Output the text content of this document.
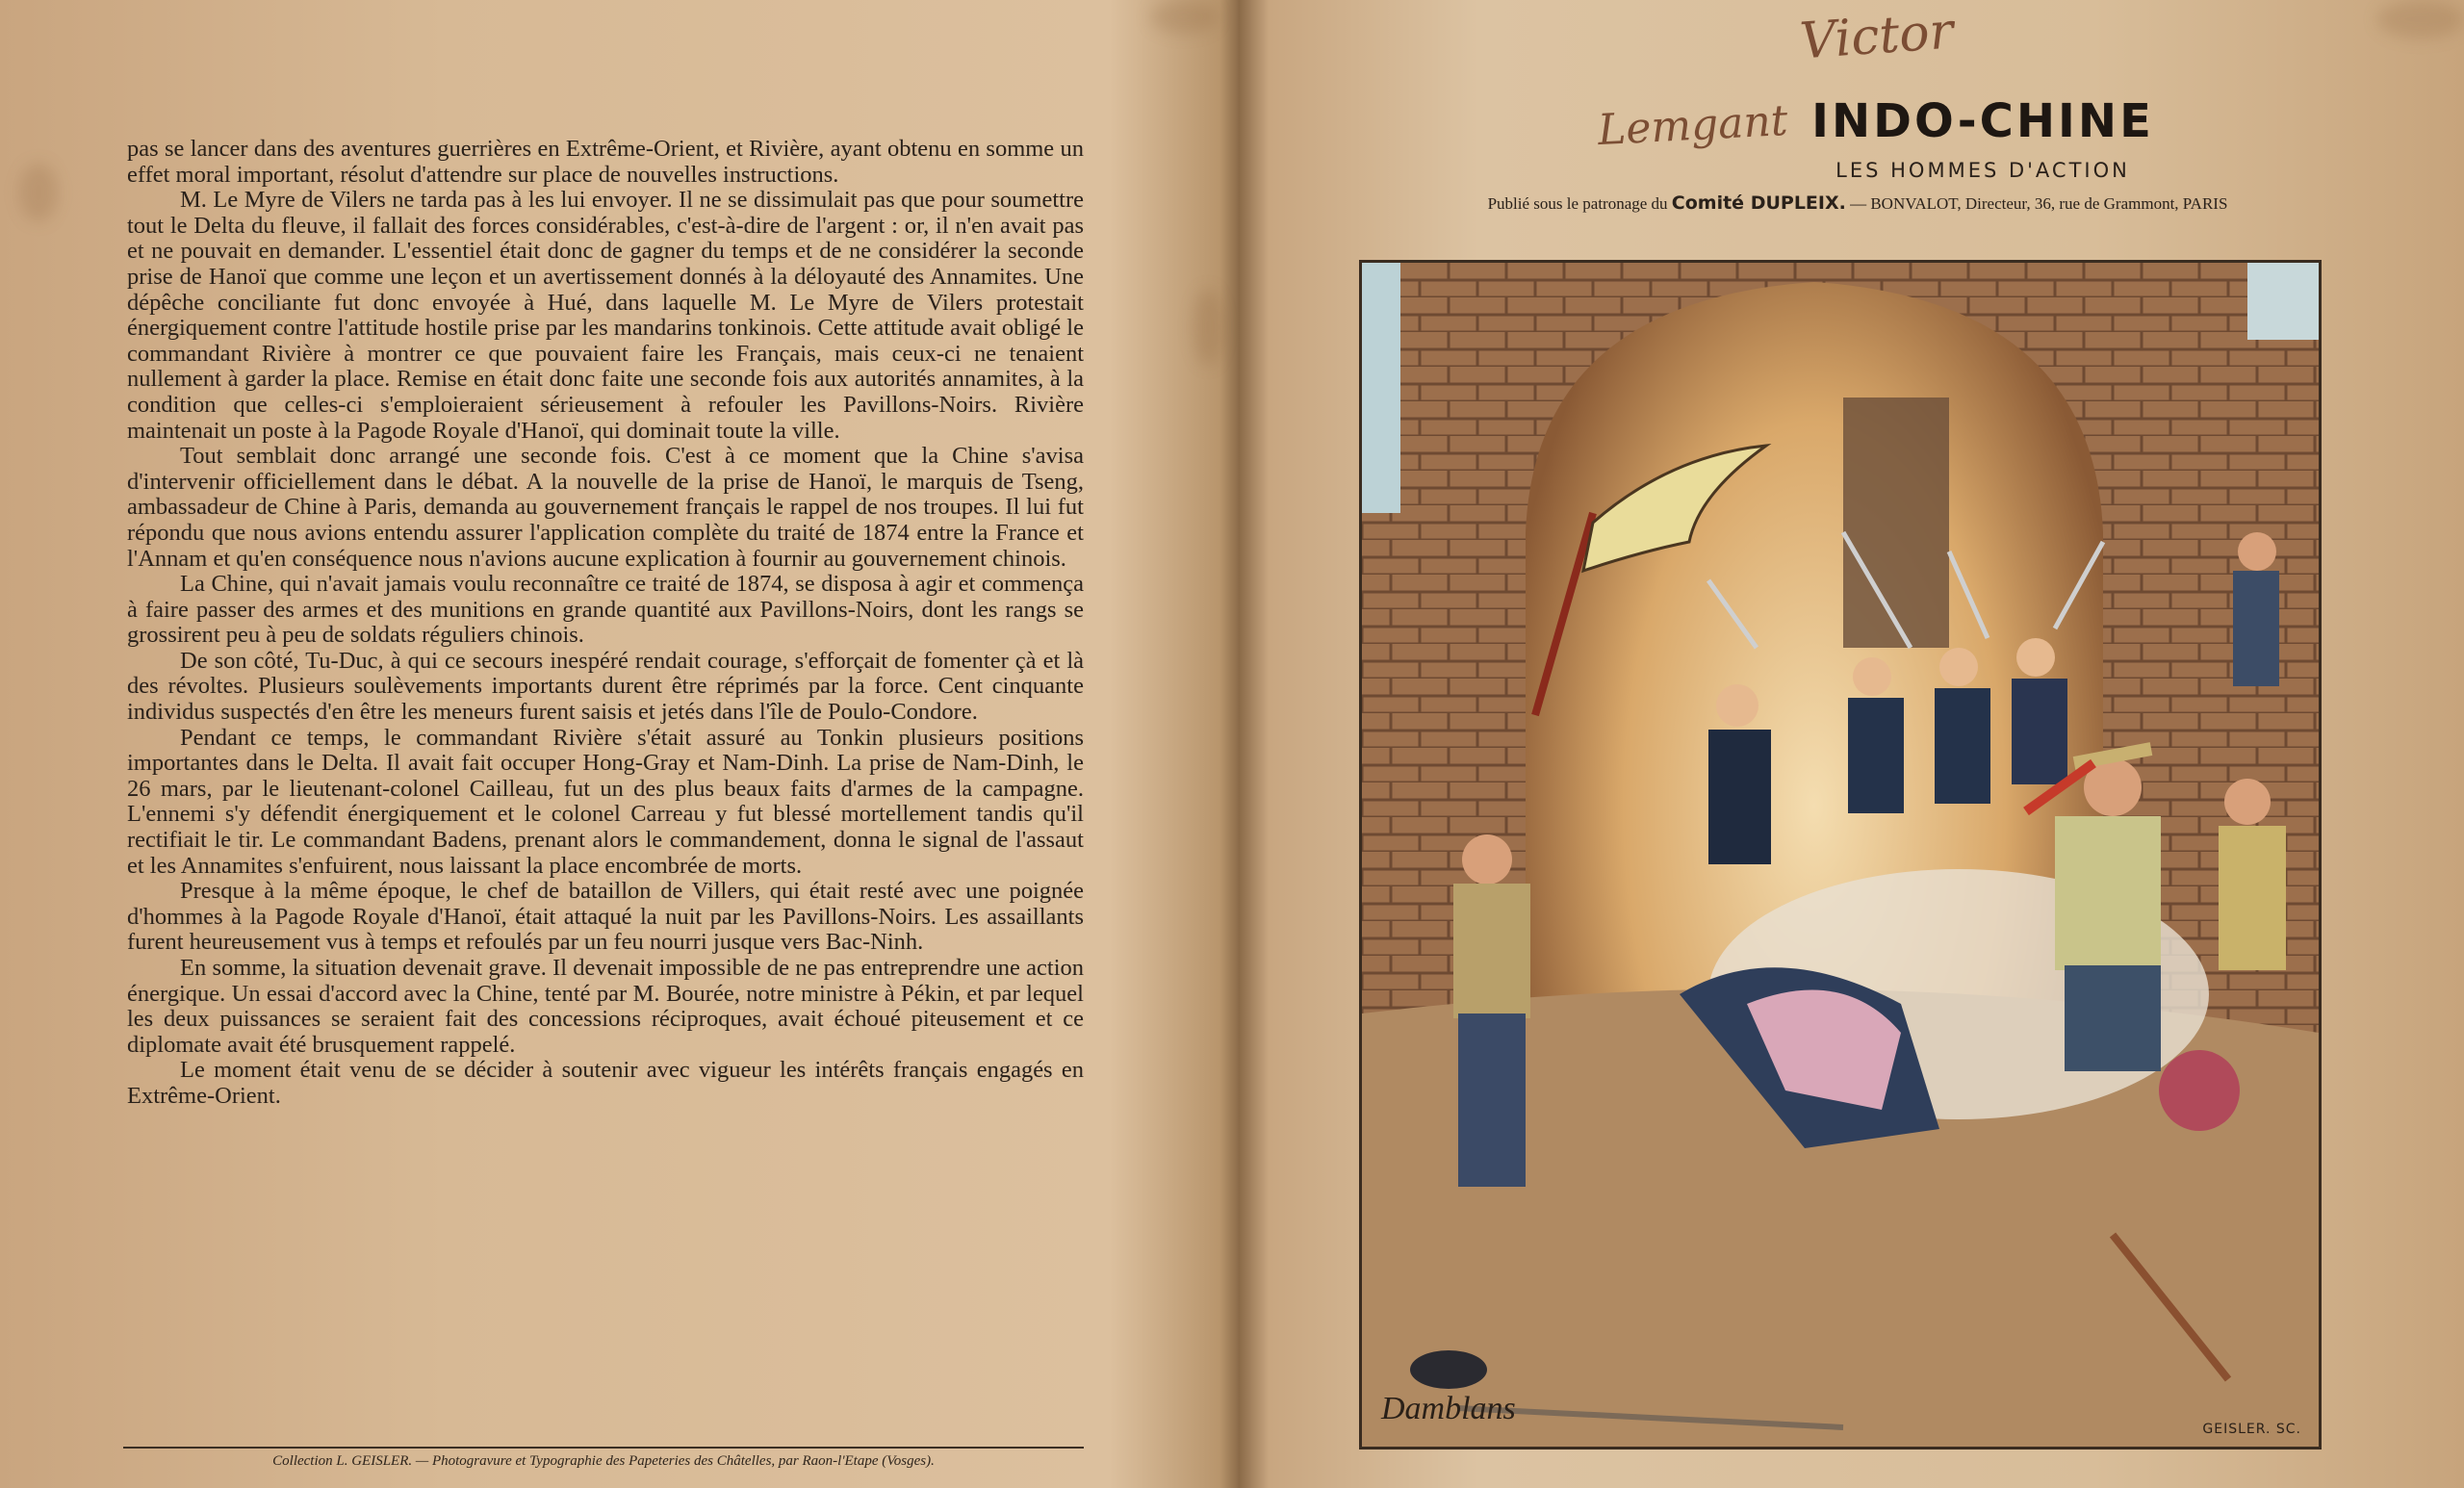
pas se lancer dans des aventures guerrières en Extrême-Orient, et Rivière, ayant obtenu en somme un effet moral important, résolut d'attendre sur place de nouvelles instructions.

M. Le Myre de Vilers ne tarda pas à les lui envoyer. Il ne se dissimulait pas que pour soumettre tout le Delta du fleuve, il fallait des forces considérables, c'est-à-dire de l'argent : or, il n'en avait pas et ne pouvait en demander. L'essentiel était donc de gagner du temps et de ne considérer la seconde prise de Hanoï que comme une leçon et un avertissement donnés à la déloyauté des Annamites. Une dépêche conciliante fut donc envoyée à Hué, dans laquelle M. Le Myre de Vilers protestait énergiquement contre l'attitude hostile prise par les mandarins tonkinois. Cette attitude avait obligé le commandant Rivière à montrer ce que pouvaient faire les Français, mais ceux-ci ne tenaient nullement à garder la place. Remise en était donc faite une seconde fois aux autorités annamites, à la condition que celles-ci s'emploieraient sérieusement à refouler les Pavillons-Noirs. Rivière maintenait un poste à la Pagode Royale d'Hanoï, qui dominait toute la ville.

Tout semblait donc arrangé une seconde fois. C'est à ce moment que la Chine s'avisa d'intervenir officiellement dans le débat. A la nouvelle de la prise de Hanoï, le marquis de Tseng, ambassadeur de Chine à Paris, demanda au gouvernement français le rappel de nos troupes. Il lui fut répondu que nous avions entendu assurer l'application complète du traité de 1874 entre la France et l'Annam et qu'en conséquence nous n'avions aucune explication à fournir au gouvernement chinois.

La Chine, qui n'avait jamais voulu reconnaître ce traité de 1874, se disposa à agir et commença à faire passer des armes et des munitions en grande quantité aux Pavillons-Noirs, dont les rangs se grossirent peu à peu de soldats réguliers chinois.

De son côté, Tu-Duc, à qui ce secours inespéré rendait courage, s'efforçait de fomenter çà et là des révoltes. Plusieurs soulèvements importants durent être réprimés par la force. Cent cinquante individus suspectés d'en être les meneurs furent saisis et jetés dans l'île de Poulo-Condore.

Pendant ce temps, le commandant Rivière s'était assuré au Tonkin plusieurs positions importantes dans le Delta. Il avait fait occuper Hong-Gray et Nam-Dinh. La prise de Nam-Dinh, le 26 mars, par le lieutenant-colonel Cailleau, fut un des plus beaux faits d'armes de la campagne. L'ennemi s'y défendit énergiquement et le colonel Carreau y fut blessé mortellement tandis qu'il rectifiait le tir. Le commandant Badens, prenant alors le commandement, donna le signal de l'assaut et les Annamites s'enfuirent, nous laissant la place encombrée de morts.

Presque à la même époque, le chef de bataillon de Villers, qui était resté avec une poignée d'hommes à la Pagode Royale d'Hanoï, était attaqué la nuit par les Pavillons-Noirs. Les assaillants furent heureusement vus à temps et refoulés par un feu nourri jusque vers Bac-Ninh.

En somme, la situation devenait grave. Il devenait impossible de ne pas entreprendre une action énergique. Un essai d'accord avec la Chine, tenté par M. Bourée, notre ministre à Pékin, et par lequel les deux puissances se seraient fait des concessions réciproques, avait échoué piteusement et ce diplomate avait été brusquement rappelé.

Le moment était venu de se décider à soutenir avec vigueur les intérêts français engagés en Extrême-Orient.

Collection L. GEISLER. — Photogravure et Typographie des Papeteries des Châtelles, par Raon-l'Etape (Vosges).
Victor
Lemgant INDO-CHINE
LES HOMMES D'ACTION
Publié sous le patronage du Comité DUPLEIX. — BONVALOT, Directeur, 36, rue de Grammont, PARIS
Damblans
GEISLER. SC.
